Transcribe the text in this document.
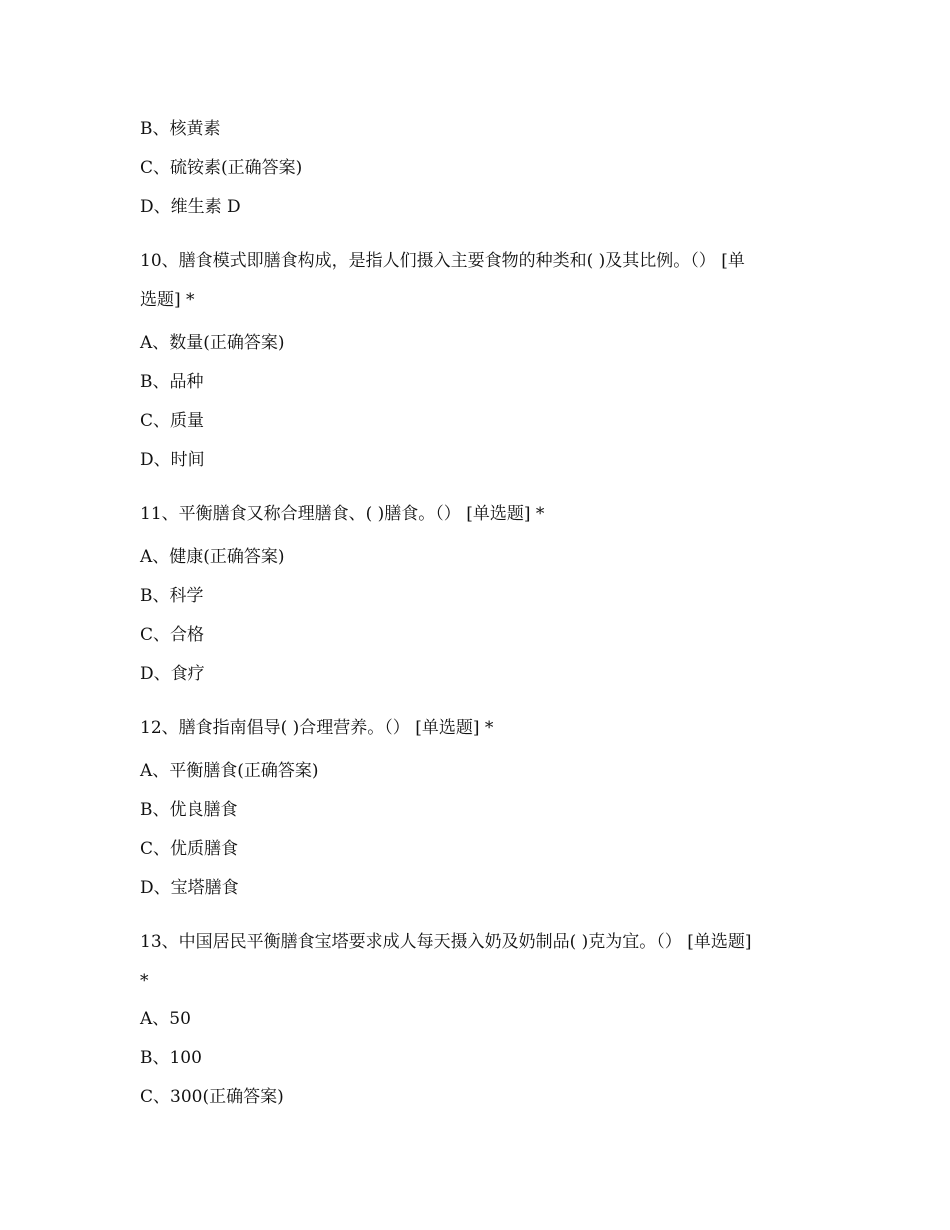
B、核黄素
C、硫铵素(正确答案)
D、维生素 D
10、膳食模式即膳食构成，是指人们摄入主要食物的种类和( )及其比例。（） [单
选题] *
A、数量(正确答案)
B、品种
C、质量
D、时间
11、平衡膳食又称合理膳食、( )膳食。（） [单选题] *
A、健康(正确答案)
B、科学
C、合格
D、食疗
12、膳食指南倡导( )合理营养。（） [单选题] *
A、平衡膳食(正确答案)
B、优良膳食
C、优质膳食
D、宝塔膳食
13、中国居民平衡膳食宝塔要求成人每天摄入奶及奶制品( )克为宜。（） [单选题]
*
A、50
B、100
C、300(正确答案)
